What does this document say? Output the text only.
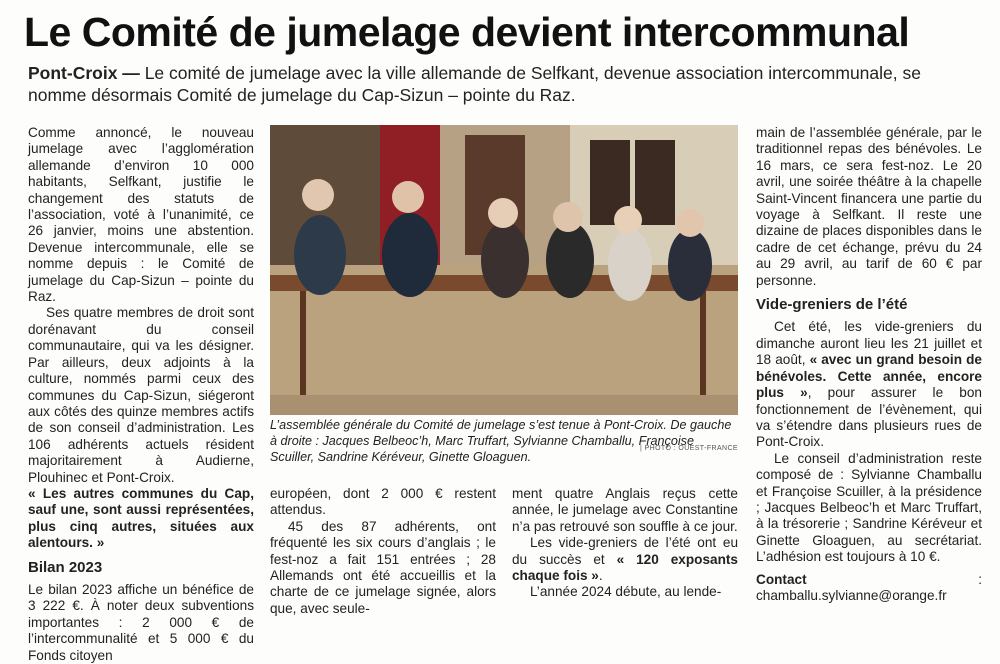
Le Comité de jumelage devient intercommunal
Pont-Croix — Le comité de jumelage avec la ville allemande de Selfkant, devenue association intercommunale, se nomme désormais Comité de jumelage du Cap-Sizun – pointe du Raz.

Comme annoncé, le nouveau jumelage avec l’agglomération allemande d’environ 10 000 habitants, Selfkant, justifie le changement des statuts de l’association, voté à l’unanimité, ce 26 janvier, moins une abstention. Devenue intercommunale, elle se nomme depuis : le Comité de jumelage du Cap-Sizun – pointe du Raz.

Ses quatre membres de droit sont dorénavant du conseil communautaire, qui va les désigner. Par ailleurs, deux adjoints à la culture, nommés parmi ceux des communes du Cap-Sizun, siégeront aux côtés des quinze membres actifs de son conseil d’administration. Les 106 adhérents actuels résident majoritairement à Audierne, Plouhinec et Pont-Croix.

« Les autres communes du Cap, sauf une, sont aussi représentées, plus cinq autres, situées aux alentours. »

Bilan 2023

Le bilan 2023 affiche un bénéfice de 3 222 €. À noter deux subventions importantes : 2 000 € de l’intercommunalité et 5 000 € du Fonds citoyen

L’assemblée générale du Comité de jumelage s’est tenue à Pont-Croix. De gauche à droite : Jacques Belbeoc’h, Marc Truffart, Sylvianne Chamballu, Françoise Scuiller, Sandrine Kéréveur, Ginette Gloaguen.
| PHOTO : OUEST-FRANCE

européen, dont 2 000 € restent attendus.

45 des 87 adhérents, ont fréquenté les six cours d’anglais ; le fest-noz a fait 151 entrées ; 28 Allemands ont été accueillis et la charte de ce jumelage signée, alors que, avec seule-

ment quatre Anglais reçus cette année, le jumelage avec Constantine n’a pas retrouvé son souffle à ce jour.

Les vide-greniers de l’été ont eu du succès et « 120 exposants chaque fois ».

L’année 2024 débute, au lende-

main de l’assemblée générale, par le traditionnel repas des bénévoles. Le 16 mars, ce sera fest-noz. Le 20 avril, une soirée théâtre à la chapelle Saint-Vincent financera une partie du voyage à Selfkant. Il reste une dizaine de places disponibles dans le cadre de cet échange, prévu du 24 au 29 avril, au tarif de 60 € par personne.

Vide-greniers de l’été

Cet été, les vide-greniers du dimanche auront lieu les 21 juillet et 18 août, « avec un grand besoin de bénévoles. Cette année, encore plus », pour assurer le bon fonctionnement de l’évènement, qui va s’étendre dans plusieurs rues de Pont-Croix.

Le conseil d’administration reste composé de : Sylvianne Chamballu et Françoise Scuiller, à la présidence ; Jacques Belbeoc’h et Marc Truffart, à la trésorerie ; Sandrine Kéréveur et Ginette Gloaguen, au secrétariat. L’adhésion est toujours à 10 €.

Contact	: chamballu.sylvianne@orange.fr
